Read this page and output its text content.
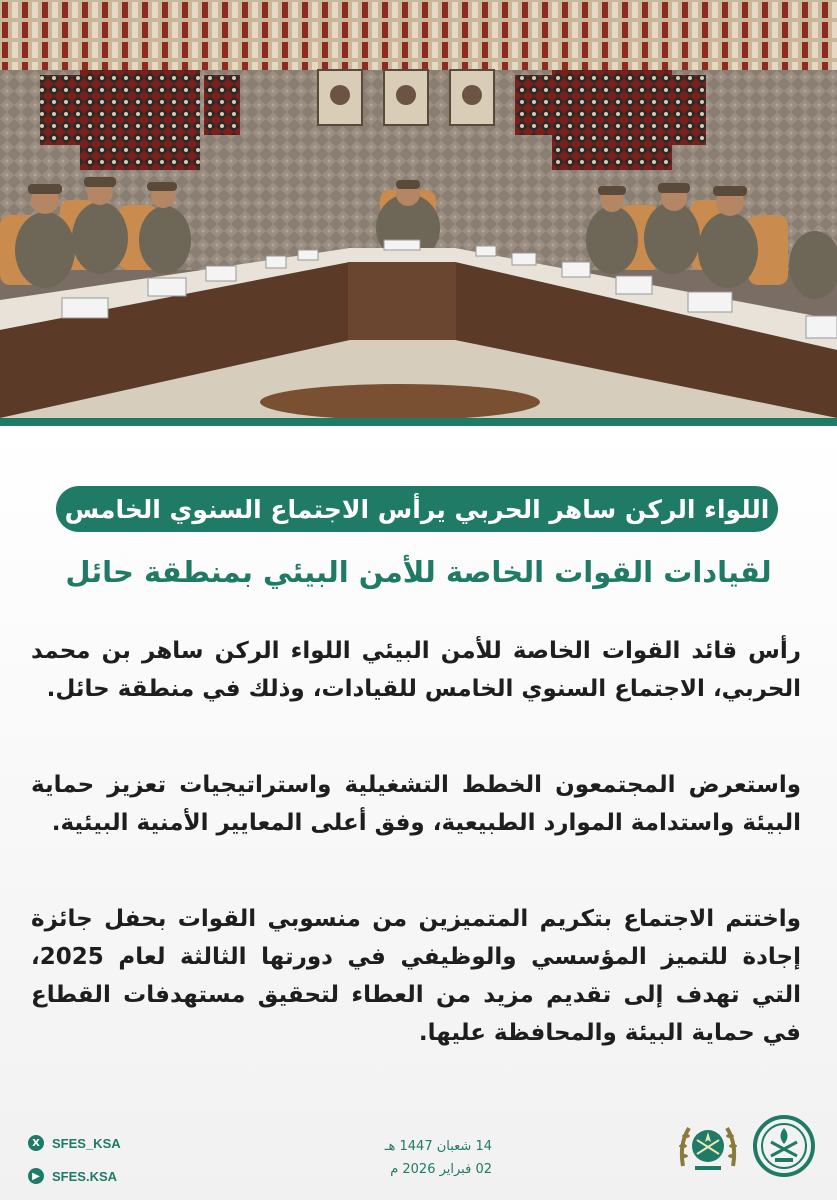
اللواء الركن ساهر الحربي يرأس الاجتماع السنوي الخامس
لقيادات القوات الخاصة للأمن البيئي بمنطقة حائل

رأس قائد القوات الخاصة للأمن البيئي اللواء الركن ساهر بن محمد الحربي، الاجتماع السنوي الخامس للقيادات، وذلك في منطقة حائل.

واستعرض المجتمعون الخطط التشغيلية واستراتيجيات تعزيز حماية البيئة واستدامة الموارد الطبيعية، وفق أعلى المعايير الأمنية البيئية.

واختتم الاجتماع بتكريم المتميزين من منسوبي القوات بحفل جائزة إجادة للتميز المؤسسي والوظيفي في دورتها الثالثة لعام 2025، التي تهدف إلى تقديم مزيد من العطاء لتحقيق مستهدفات القطاع في حماية البيئة والمحافظة عليها.

X SFES_KSA
▶ SFES.KSA
14 شعبان 1447 هـ
02 فبراير 2026 م
